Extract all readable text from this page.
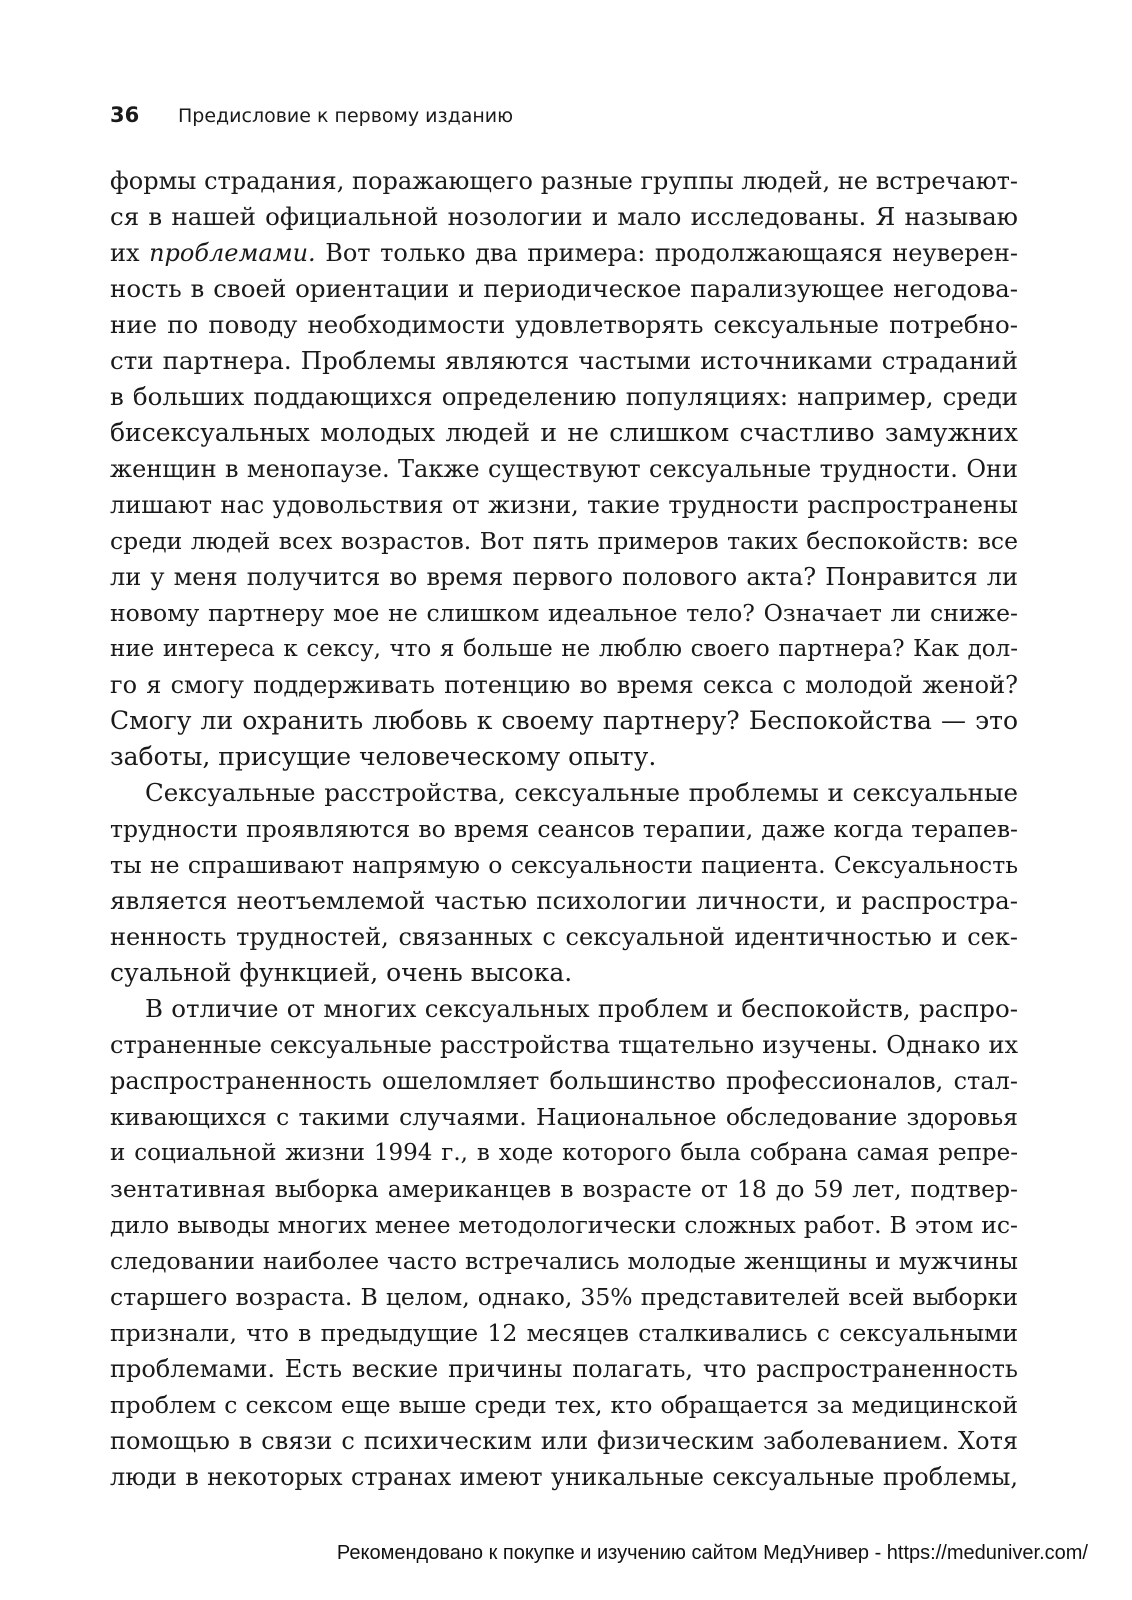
36	Предисловие к первому изданию

формы страдания, поражающего разные группы людей, не встречают-

ся в нашей официальной нозологии и мало исследованы. Я называю

их проблемами. Вот только два примера: продолжающаяся неуверен-

ность в своей ориентации и периодическое парализующее негодова-

ние по поводу необходимости удовлетворять сексуальные потребно-

сти партнера. Проблемы являются частыми источниками страданий

в больших поддающихся определению популяциях: например, среди

бисексуальных молодых людей и не слишком счастливо замужних

женщин в менопаузе. Также существуют сексуальные трудности. Они

лишают нас удовольствия от жизни, такие трудности распространены

среди людей всех возрастов. Вот пять примеров таких беспокойств: все

ли у меня получится во время первого полового акта? Понравится ли

новому партнеру мое не слишком идеальное тело? Означает ли сниже-

ние интереса к сексу, что я больше не люблю своего партнера? Как дол-

го я смогу поддерживать потенцию во время секса с молодой женой?

Смогу ли охранить любовь к своему партнеру? Беспокойства — это

заботы, присущие человеческому опыту.

Сексуальные расстройства, сексуальные проблемы и сексуальные

трудности проявляются во время сеансов терапии, даже когда терапев-

ты не спрашивают напрямую о сексуальности пациента. Сексуальность

является неотъемлемой частью психологии личности, и распростра-

ненность трудностей, связанных с сексуальной идентичностью и сек-

суальной функцией, очень высока.

В отличие от многих сексуальных проблем и беспокойств, распро-

страненные сексуальные расстройства тщательно изучены. Однако их

распространенность ошеломляет большинство профессионалов, стал-

кивающихся с такими случаями. Национальное обследование здоровья

и социальной жизни 1994 г., в ходе которого была собрана самая репре-

зентативная выборка американцев в возрасте от 18 до 59 лет, подтвер-

дило выводы многих менее методологически сложных работ. В этом ис-

следовании наиболее часто встречались молодые женщины и мужчины

старшего возраста. В целом, однако, 35% представителей всей выборки

признали, что в предыдущие 12 месяцев сталкивались с сексуальными

проблемами. Есть веские причины полагать, что распространенность

проблем с сексом еще выше среди тех, кто обращается за медицинской

помощью в связи с психическим или физическим заболеванием. Хотя

люди в некоторых странах имеют уникальные сексуальные проблемы,

Рекомендовано к покупке и изучению сайтом МедУнивер - https://meduniver.com/
